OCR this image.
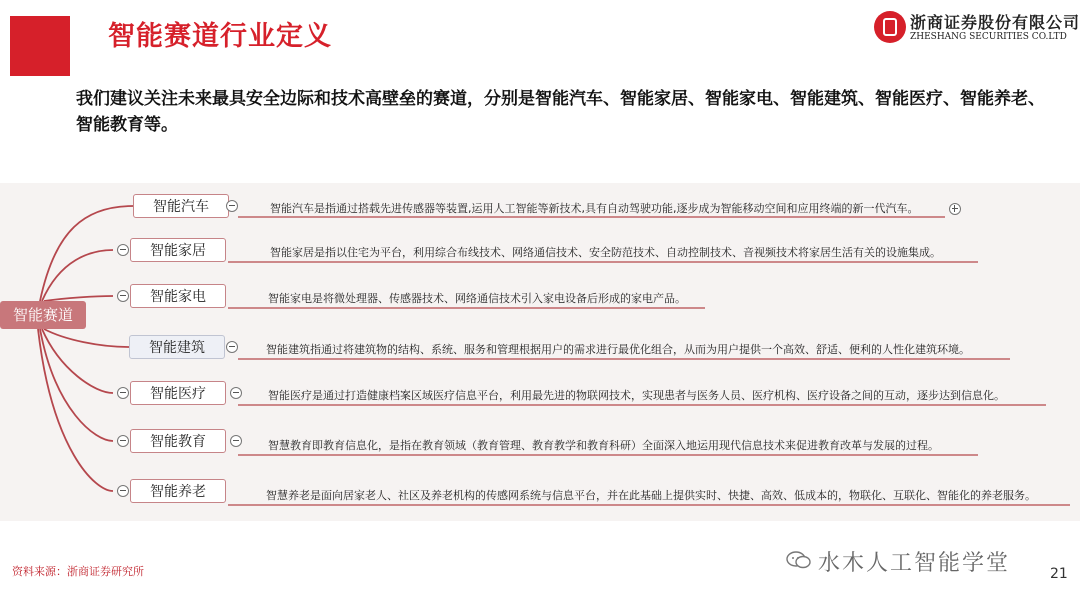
智能赛道行业定义	浙商证券股份有限公司
ZHESHANG SECURITIES CO.LTD
我们建议关注未来最具安全边际和技术高壁垒的赛道，分别是智能汽车、智能家居、智能家电、智能建筑、智能医疗、智能养老、智能教育等。
智能赛道
智能汽车	智能汽车是指通过搭载先进传感器等装置,运用人工智能等新技术,具有自动驾驶功能,逐步成为智能移动空间和应用终端的新一代汽车。
智能家居	智能家居是指以住宅为平台，利用综合布线技术、网络通信技术、安全防范技术、自动控制技术、音视频技术将家居生活有关的设施集成。
智能家电	智能家电是将微处理器、传感器技术、网络通信技术引入家电设备后形成的家电产品。
智能建筑	智能建筑指通过将建筑物的结构、系统、服务和管理根据用户的需求进行最优化组合，从而为用户提供一个高效、舒适、便利的人性化建筑环境。
智能医疗	智能医疗是通过打造健康档案区域医疗信息平台，利用最先进的物联网技术，实现患者与医务人员、医疗机构、医疗设备之间的互动，逐步达到信息化。
智能教育	智慧教育即教育信息化，是指在教育领域（教育管理、教育教学和教育科研）全面深入地运用现代信息技术来促进教育改革与发展的过程。
智能养老	智慧养老是面向居家老人、社区及养老机构的传感网系统与信息平台，并在此基础上提供实时、快捷、高效、低成本的，物联化、互联化、智能化的养老服务。
资料来源：浙商证券研究所	水木人工智能学堂	21
